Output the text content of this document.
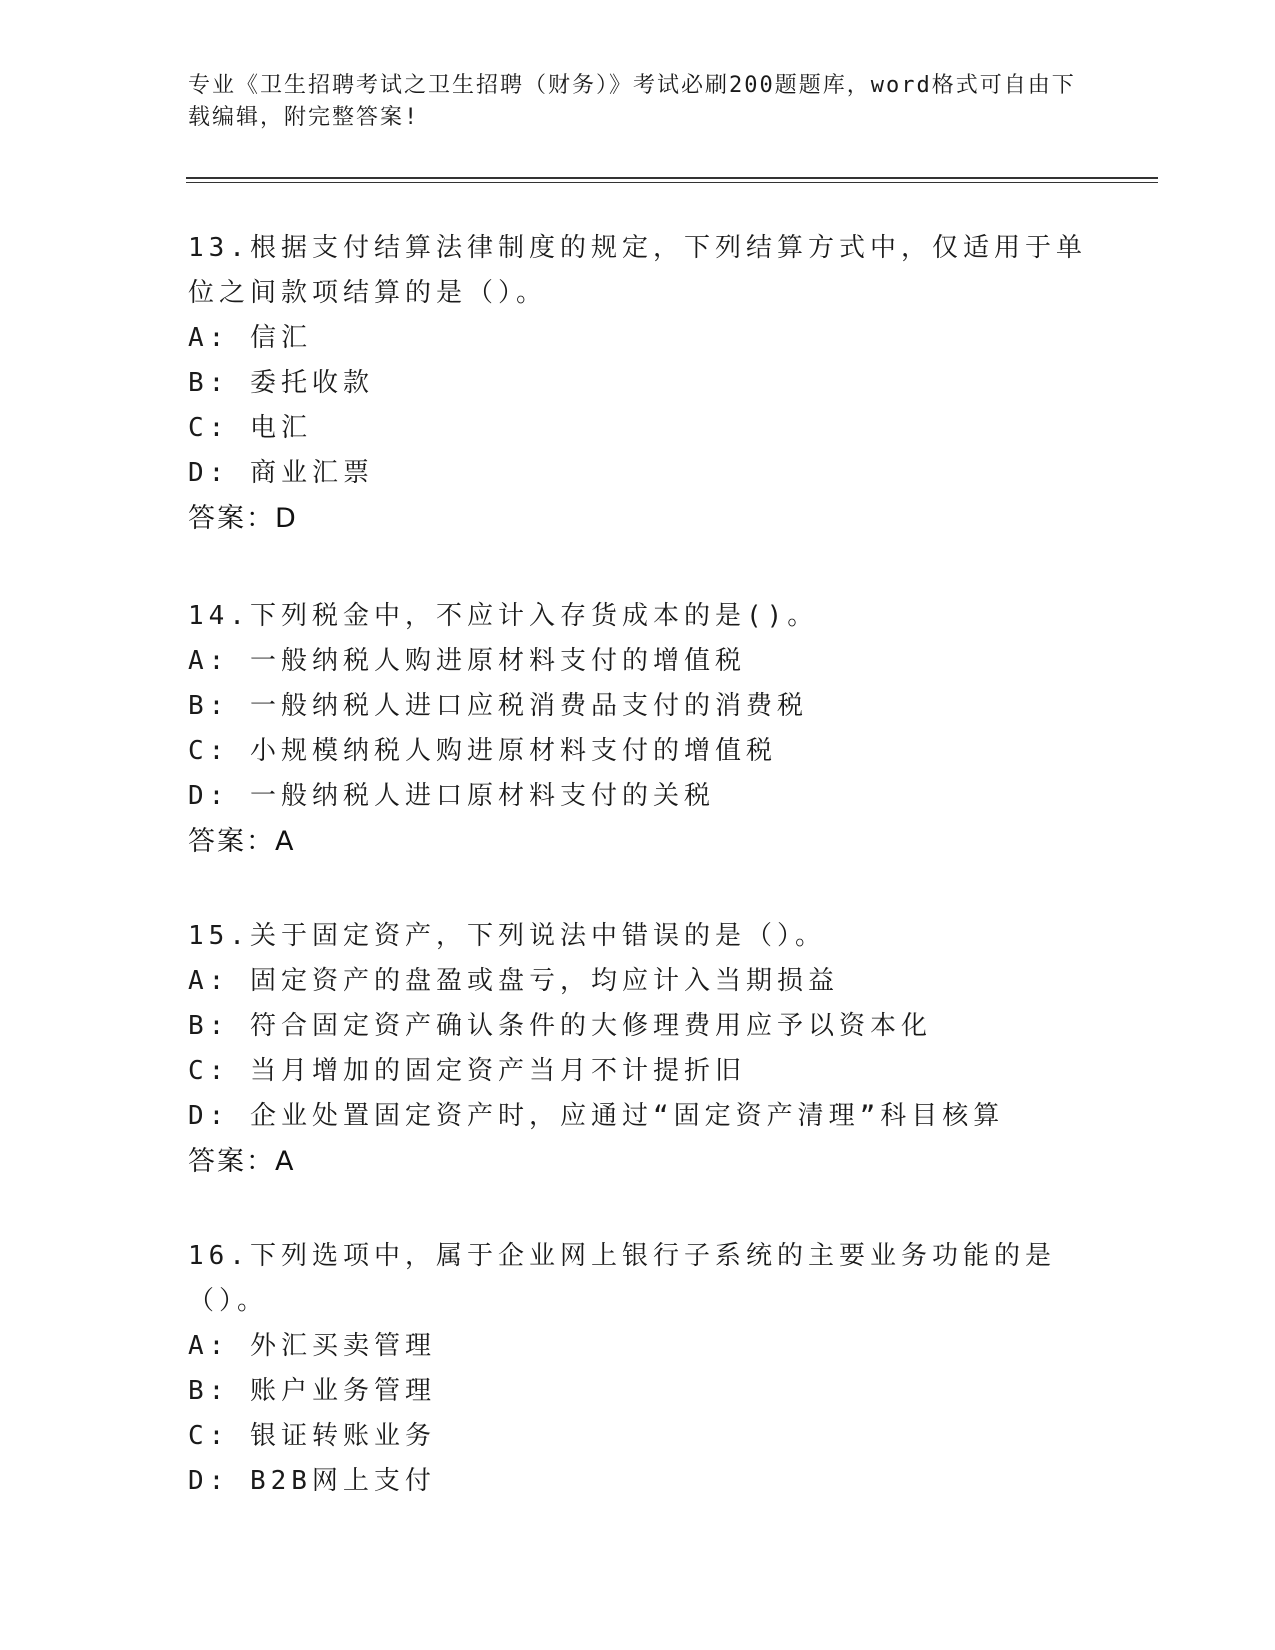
专业《卫生招聘考试之卫生招聘（财务）》考试必刷200题题库，word格式可自由下载编辑，附完整答案!
13.根据支付结算法律制度的规定，下列结算方式中，仅适用于单位之间款项结算的是（）。
A: 信汇
B: 委托收款
C: 电汇
D: 商业汇票
答案：D
14.下列税金中，不应计入存货成本的是()。
A: 一般纳税人购进原材料支付的增值税
B: 一般纳税人进口应税消费品支付的消费税
C: 小规模纳税人购进原材料支付的增值税
D: 一般纳税人进口原材料支付的关税
答案：A
15.关于固定资产，下列说法中错误的是（）。
A: 固定资产的盘盈或盘亏，均应计入当期损益
B: 符合固定资产确认条件的大修理费用应予以资本化
C: 当月增加的固定资产当月不计提折旧
D: 企业处置固定资产时，应通过“固定资产清理”科目核算
答案：A
16.下列选项中，属于企业网上银行子系统的主要业务功能的是（）。
A: 外汇买卖管理
B: 账户业务管理
C: 银证转账业务
D: B2B网上支付
